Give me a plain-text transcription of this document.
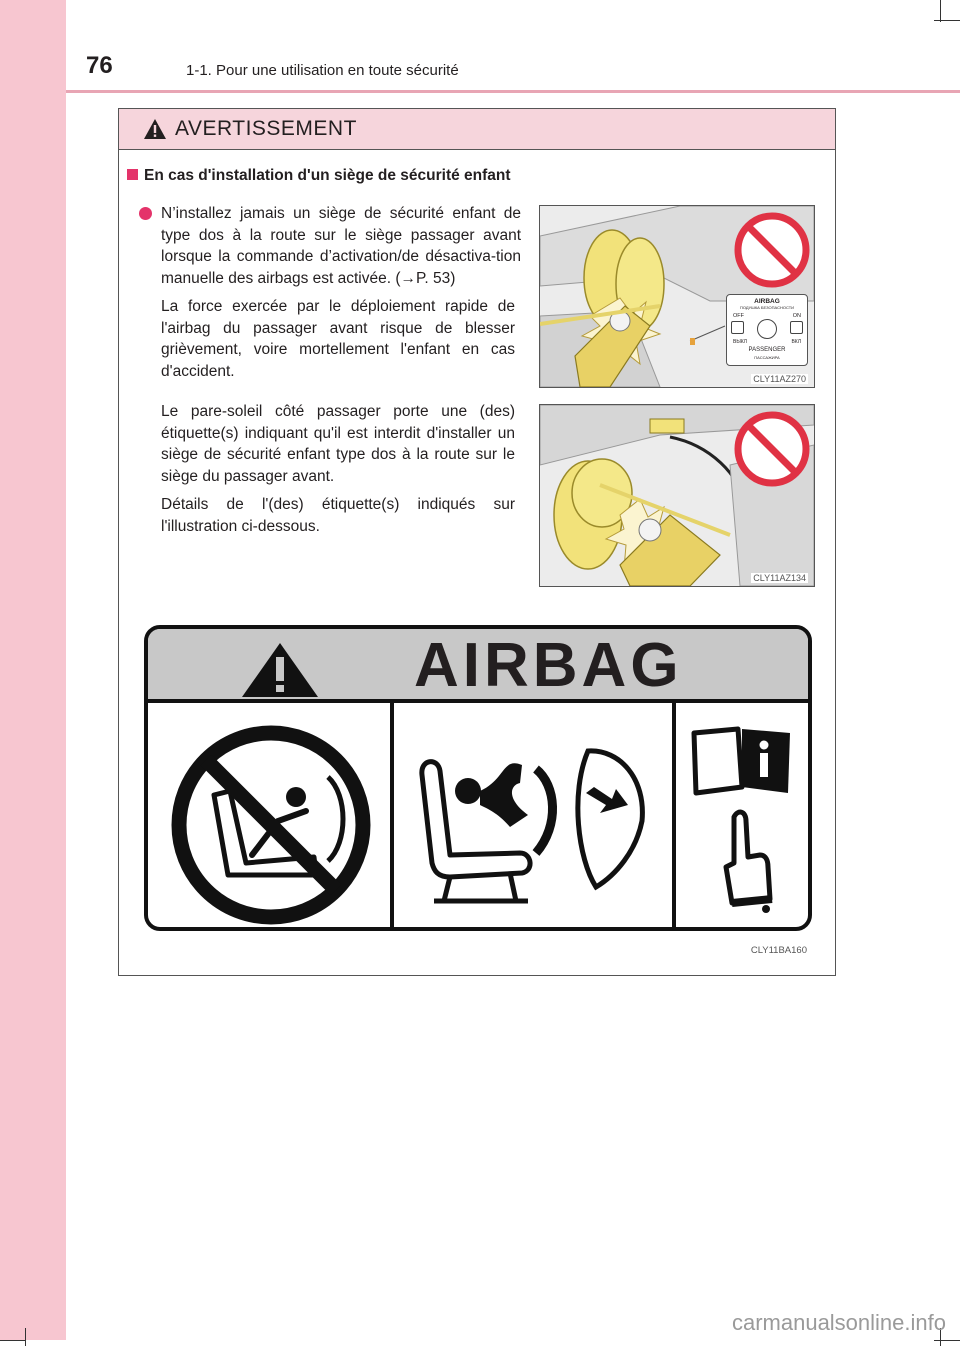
76	1-1. Pour une utilisation en toute sécurité
AVERTISSEMENT
En cas d'installation d'un siège de sécurité enfant
N’installez jamais un siège de sécurité enfant de type dos à la route sur le siège passager avant lorsque la commande d’activation/de désactiva-tion manuelle des airbags est activée. (→P. 53)
La force exercée par le déploiement rapide de l'airbag du passager avant risque de blesser grièvement, voire mortellement l'enfant en cas d'accident.
Le pare-soleil côté passager porte une (des) étiquette(s) indiquant qu'il est interdit d'installer un siège de sécurité enfant type dos à la route sur le siège du passager avant.
Détails de l'(des) étiquette(s) indiqués sur l'illustration ci-dessous.
AIRBAG
ПОДУШКА БЕЗОПАСНОСТИ
OFF	ON
ВЫКЛ	ВКЛ
PASSENGER
ПАССАЖИРА
CLY11AZ270
CLY11AZ134
AIRBAG
CLY11BA160
carmanualsonline.info
